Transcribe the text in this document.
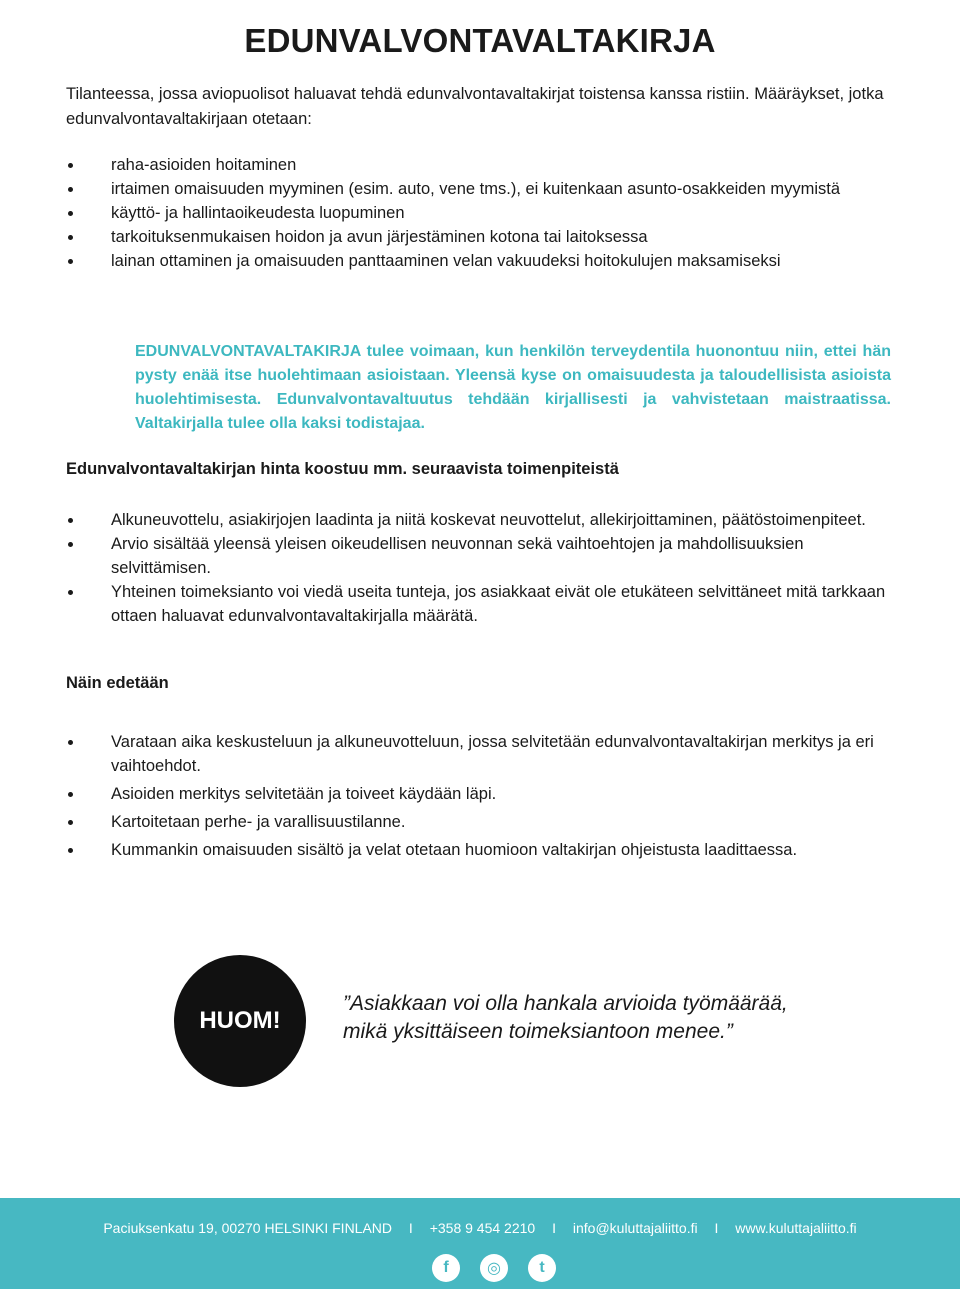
EDUNVALVONTAVALTAKIRJA

Tilanteessa, jossa aviopuolisot haluavat tehdä edunvalvontavaltakirjat toistensa kanssa ristiin. Määräykset, jotka edunvalvontavaltakirjaan otetaan:

raha-asioiden hoitaminen
irtaimen omaisuuden myyminen (esim. auto, vene tms.), ei kuitenkaan asunto-osakkeiden myymistä
käyttö- ja hallintaoikeudesta luopuminen
tarkoituksenmukaisen hoidon ja avun järjestäminen kotona tai laitoksessa
lainan ottaminen ja omaisuuden panttaaminen velan vakuudeksi hoitokulujen maksamiseksi

EDUNVALVONTAVALTAKIRJA tulee voimaan, kun henkilön terveydentila huonontuu niin, ettei hän pysty enää itse huolehtimaan asioistaan. Yleensä kyse on omaisuudesta ja taloudellisista asioista huolehtimisesta. Edunvalvontavaltuutus tehdään kirjallisesti ja vahvistetaan maistraatissa. Valtakirjalla tulee olla kaksi todistajaa.

Edunvalvontavaltakirjan hinta koostuu mm. seuraavista toimenpiteistä
Alkuneuvottelu, asiakirjojen laadinta ja niitä koskevat neuvottelut, allekirjoittaminen, päätöstoimenpiteet.
Arvio sisältää yleensä yleisen oikeudellisen neuvonnan sekä vaihtoehtojen ja mahdollisuuksien selvittämisen.
Yhteinen toimeksianto voi viedä useita tunteja, jos asiakkaat eivät ole etukäteen selvittäneet mitä tarkkaan ottaen haluavat edunvalvontavaltakirjalla määrätä.
Näin edetään
Varataan aika keskusteluun ja alkuneuvotteluun, jossa selvitetään edunvalvontavaltakirjan merkitys ja eri vaihtoehdot.
Asioiden merkitys selvitetään ja toiveet käydään läpi.
Kartoitetaan perhe- ja varallisuustilanne.
Kummankin omaisuuden sisältö ja velat otetaan huomioon valtakirjan ohjeistusta laadittaessa.
HUOM!

”Asiakkaan voi olla hankala arvioida työmäärää,
mikä yksittäiseen toimeksiantoon menee.”

Paciuksenkatu 19, 00270 HELSINKI FINLAND I +358 9 454 2210 I info@kuluttajaliitto.fi I www.kuluttajaliitto.fi
f ◎ t
